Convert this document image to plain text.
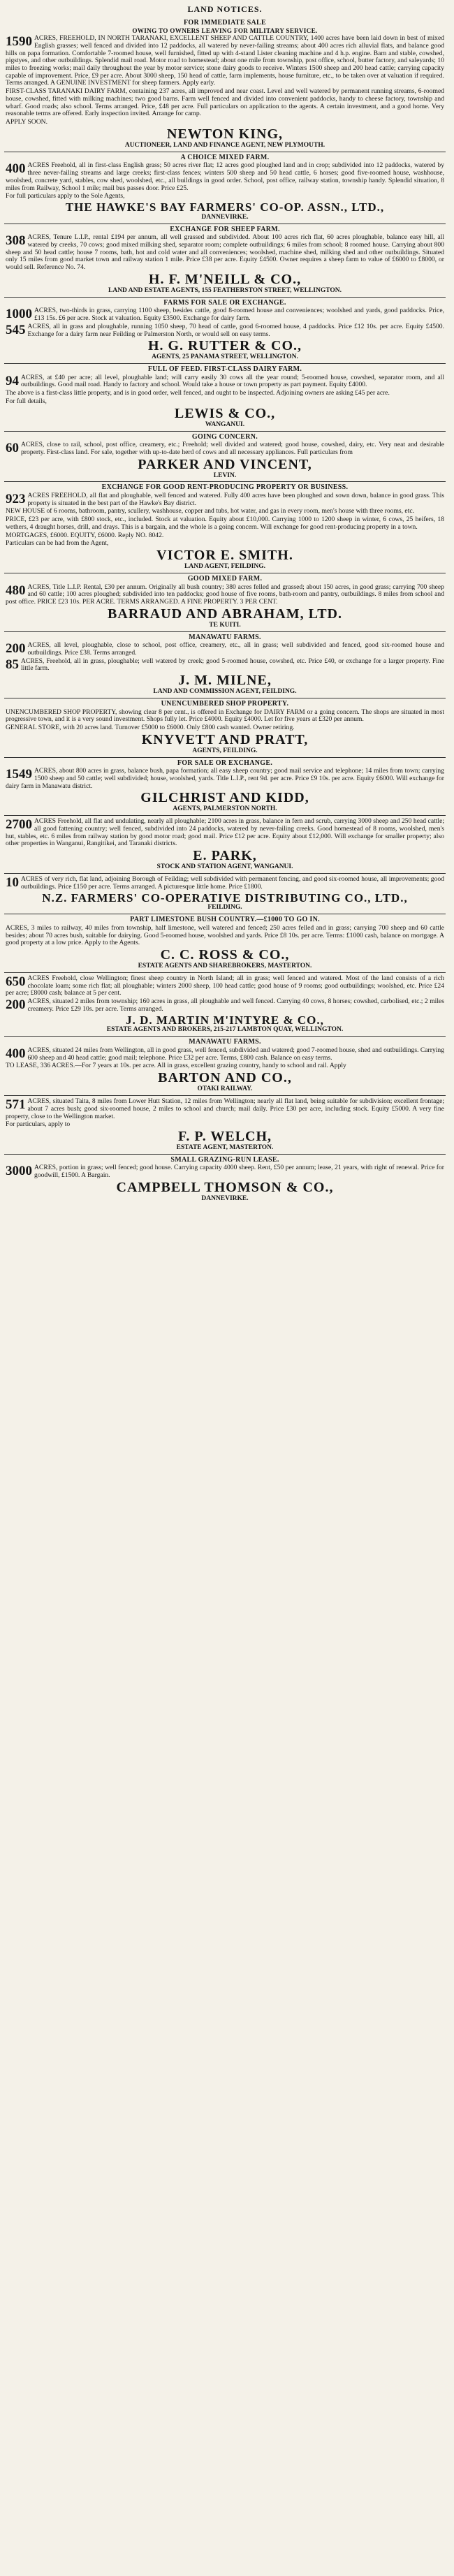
LAND NOTICES.
FOR IMMEDIATE SALE
OWING TO OWNERS LEAVING FOR MILITARY SERVICE.
1590 ACRES, FREEHOLD, IN NORTH TARANAKI, EXCELLENT SHEEP AND CATTLE COUNTRY, 1400 acres have been laid down in best of mixed English grasses; well fenced and divided into 12 paddocks, all watered by never-failing streams; about 400 acres rich alluvial flats, and balance good hills on papa formation. Comfortable 7-roomed house, well furnished, fitted up with 4-stand Lister cleaning machine and 4 h.p. engine. Barn and stable, cowshed, pigstyes, and other outbuildings. Splendid mail road. Motor road to homestead; about one mile from township, post office, school, butter factory, and saleyards; 10 miles to freezing works; mail daily throughout the year by motor service; stone dairy goods to receive. Winters 1500 sheep and 200 head cattle; carrying capacity capable of improvement. Price, £9 per acre. About 3000 sheep, 150 head of cattle, farm implements, house furniture, etc., to be taken over at valuation if required. Terms arranged. A GENUINE INVESTMENT for sheep farmers. Apply early.
FIRST-CLASS TARANAKI DAIRY FARM, containing 237 acres, all improved and near coast. Level and well watered by permanent running streams, 6-roomed house, cowshed, fitted with milking machines; two good barns. Farm well fenced and divided into convenient paddocks, handy to cheese factory, township and wharf. Good roads; also school. Terms arranged. Price, £48 per acre. Full particulars on application to the agents. A certain investment, and a good home. Very reasonable terms are offered. Early inspection invited. Arrange for camp.
APPLY SOON.
NEWTON KING,
AUCTIONEER, LAND AND FINANCE AGENT, NEW PLYMOUTH.
A CHOICE MIXED FARM.
400 ACRES Freehold, all in first-class English grass; 50 acres river flat; 12 acres good ploughed land and in crop; subdivided into 12 paddocks, watered by three never-failing streams and large creeks; first-class fences; winters 500 sheep and 50 head cattle, 6 horses; good five-roomed house, washhouse, woolshed, concrete yard, stables, cow shed, woolshed, etc., all buildings in good order. School, post office, railway station, township handy. Splendid situation, 8 miles from Railway, School 1 mile; mail bus passes door. Price £25.
For full particulars apply to the Sole Agents,
THE HAWKE'S BAY FARMERS' CO-OP. ASSN., LTD.,
DANNEVIRKE.
EXCHANGE FOR SHEEP FARM.
308 ACRES, Tenure L.I.P., rental £194 per annum, all well grassed and subdivided. About 100 acres rich flat, 60 acres ploughable, balance easy hill, all watered by creeks, 70 cows; good mixed milking shed, separator room; complete outbuildings; 6 miles from school; 8 roomed house. Carrying about 800 sheep and 50 head cattle; house 7 rooms, bath, hot and cold water and all conveniences; woolshed, machine shed, milking shed and other outbuildings. Situated only 15 miles from good market town and railway station 1 mile. Price £38 per acre. Equity £4500. Owner requires a sheep farm to value of £6000 to £8000, or would sell. Reference No. 74.
H. F. M'NEILL & CO.,
LAND AND ESTATE AGENTS, 155 FEATHERSTON STREET, WELLINGTON.
FARMS FOR SALE OR EXCHANGE.
1000 ACRES, two-thirds in grass, carrying 1100 sheep, besides cattle, good 8-roomed house and conveniences; woolshed and yards, good paddocks. Price, £13 15s. £6 per acre. Stock at valuation. Equity £3500. Exchange for dairy farm.
545 ACRES, all in grass and ploughable, running 1050 sheep, 70 head of cattle, good 6-roomed house, 4 paddocks. Price £12 10s. per acre. Equity £4500. Exchange for a dairy farm near Feilding or Palmerston North, or would sell on easy terms.
H. G. RUTTER & CO.,
AGENTS, 25 PANAMA STREET, WELLINGTON.
FULL OF FEED. FIRST-CLASS DAIRY FARM.
94 ACRES, at £40 per acre; all level, ploughable land; will carry easily 30 cows all the year round; 5-roomed house, cowshed, separator room, and all outbuildings. Good mail road. Handy to factory and school. Would take a house or town property as part payment. Equity £4000.
The above is a first-class little property, and is in good order, well fenced, and ought to be inspected. Adjoining owners are asking £45 per acre.
For full details,
LEWIS & CO.,
WANGANUI.
GOING CONCERN.
60 ACRES, close to rail, school, post office, creamery, etc.; Freehold; well divided and watered; good house, cowshed, dairy, etc. Very neat and desirable property. First-class land. For sale, together with up-to-date herd of cows and all necessary appliances. Full particulars from
PARKER AND VINCENT,
LEVIN.
EXCHANGE FOR GOOD RENT-PRODUCING PROPERTY OR BUSINESS.
923 ACRES FREEHOLD, all flat and ploughable, well fenced and watered. Fully 400 acres have been ploughed and sown down, balance in good grass. This property is situated in the best part of the Hawke's Bay district.
NEW HOUSE of 6 rooms, bathroom, pantry, scullery, washhouse, copper and tubs, hot water, and gas in every room, men's house with three rooms, etc.
PRICE, £23 per acre, with £800 stock, etc., included. Stock at valuation. Equity about £10,000. Carrying 1000 to 1200 sheep in winter, 6 cows, 25 heifers, 18 wethers, 4 draught horses, drill, and drays. This is a bargain, and the whole is a going concern. Will exchange for good rent-producing property in a town.
MORTGAGES, £6000. EQUITY, £6000. Reply NO. 8042.
Particulars can be had from the Agent,
VICTOR E. SMITH.
LAND AGENT, FEILDING.
GOOD MIXED FARM.
480 ACRES, Title L.I.P. Rental, £30 per annum. Originally all bush country; 380 acres felled and grassed; about 150 acres, in good grass; carrying 700 sheep and 60 cattle; 100 acres ploughed; subdivided into ten paddocks; good house of five rooms, bath-room and pantry, outbuildings. 8 miles from school and post office. PRICE £23 10s. PER ACRE. TERMS ARRANGED. A FINE PROPERTY. 3 PER CENT.
BARRAUD AND ABRAHAM, LTD.
TE KUITI.
MANAWATU FARMS.
200 ACRES, all level, ploughable, close to school, post office, creamery, etc., all in grass; well subdivided and fenced, good six-roomed house and outbuildings. Price £38. Terms arranged.
85 ACRES, Freehold, all in grass, ploughable; well watered by creek; good 5-roomed house, cowshed, etc. Price £40, or exchange for a larger property. Fine little farm.
J. M. MILNE,
LAND AND COMMISSION AGENT, FEILDING.
UNENCUMBERED SHOP PROPERTY.
UNENCUMBERED SHOP PROPERTY, showing clear 8 per cent., is offered in Exchange for DAIRY FARM or a going concern. The shops are situated in most progressive town, and it is a very sound investment. Shops fully let. Price £4000. Equity £4000. Let for five years at £320 per annum.
GENERAL STORE, with 20 acres land. Turnover £5000 to £6000. Only £800 cash wanted. Owner retiring.
KNYVETT AND PRATT,
AGENTS, FEILDING.
FOR SALE OR EXCHANGE.
1549 ACRES, about 800 acres in grass, balance bush, papa formation; all easy sheep country; good mail service and telephone; 14 miles from town; carrying 1500 sheep and 50 cattle; well subdivided; house, woolshed, yards. Title L.I.P., rent 9d. per acre. Price £9 10s. per acre. Equity £6000. Will exchange for dairy farm in Manawatu district.
GILCHRIST AND KIDD,
AGENTS, PALMERSTON NORTH.
2700 ACRES Freehold, all flat and undulating, nearly all ploughable; 2100 acres in grass, balance in fern and scrub, carrying 3000 sheep and 250 head cattle; all good fattening country; well fenced, subdivided into 24 paddocks, watered by never-failing creeks. Good homestead of 8 rooms, woolshed, men's hut, stables, etc. 6 miles from railway station by good motor road; good mail. Price £12 per acre. Equity about £12,000. Will exchange for smaller property; also other properties in Wanganui, Rangitikei, and Taranaki districts.
E. PARK,
STOCK AND STATION AGENT, WANGANUI.
10 ACRES of very rich, flat land, adjoining Borough of Feilding; well subdivided with permanent fencing, and good six-roomed house, all improvements; good outbuildings. Price £150 per acre. Terms arranged. A picturesque little home. Price £1800.
N.Z. FARMERS' CO-OPERATIVE DISTRIBUTING CO., LTD.,
FEILDING.
PART LIMESTONE BUSH COUNTRY.—£1000 TO GO IN.
ACRES, 3 miles to railway, 40 miles from township, half limestone, well watered and fenced; 250 acres felled and in grass; carrying 700 sheep and 60 cattle besides; about 70 acres bush, suitable for dairying. Good 5-roomed house, woolshed and yards. Price £8 10s. per acre. Terms: £1000 cash, balance on mortgage. A good property at a low price. Apply to the Agents.
C. C. ROSS & CO.,
ESTATE AGENTS AND SHAREBROKERS, MASTERTON.
650 ACRES Freehold, close Wellington; finest sheep country in North Island; all in grass; well fenced and watered. Most of the land consists of a rich chocolate loam; some rich flat; all ploughable; winters 2000 sheep, 100 head cattle; good house of 9 rooms; good outbuildings; woolshed, etc. Price £24 per acre; £8000 cash; balance at 5 per cent.
200 ACRES, situated 2 miles from township; 160 acres in grass, all ploughable and well fenced. Carrying 40 cows, 8 horses; cowshed, carbolised, etc.; 2 miles creamery. Price £29 10s. per acre. Terms arranged.
J. D. MARTIN M'INTYRE & CO.,
ESTATE AGENTS AND BROKERS, 215-217 LAMBTON QUAY, WELLINGTON.
MANAWATU FARMS.
400 ACRES, situated 24 miles from Wellington, all in good grass, well fenced, subdivided and watered; good 7-roomed house, shed and outbuildings. Carrying 600 sheep and 40 head cattle; good mail; telephone. Price £32 per acre. Terms, £800 cash. Balance on easy terms.
TO LEASE, 336 ACRES.—For 7 years at 10s. per acre. All in grass, excellent grazing country, handy to school and rail. Apply
BARTON AND CO.,
OTAKI RAILWAY.
571 ACRES, situated Taita, 8 miles from Lower Hutt Station, 12 miles from Wellington; nearly all flat land, being suitable for subdivision; excellent frontage; about 7 acres bush; good six-roomed house, 2 miles to school and church; mail daily. Price £30 per acre, including stock. Equity £5000. A very fine property, close to the Wellington market.
For particulars, apply to
F. P. WELCH,
ESTATE AGENT, MASTERTON.
SMALL GRAZING-RUN LEASE.
3000 ACRES, portion in grass; well fenced; good house. Carrying capacity 4000 sheep. Rent, £50 per annum; lease, 21 years, with right of renewal. Price for goodwill, £1500. A Bargain.
CAMPBELL THOMSON & CO.,
DANNEVIRKE.
